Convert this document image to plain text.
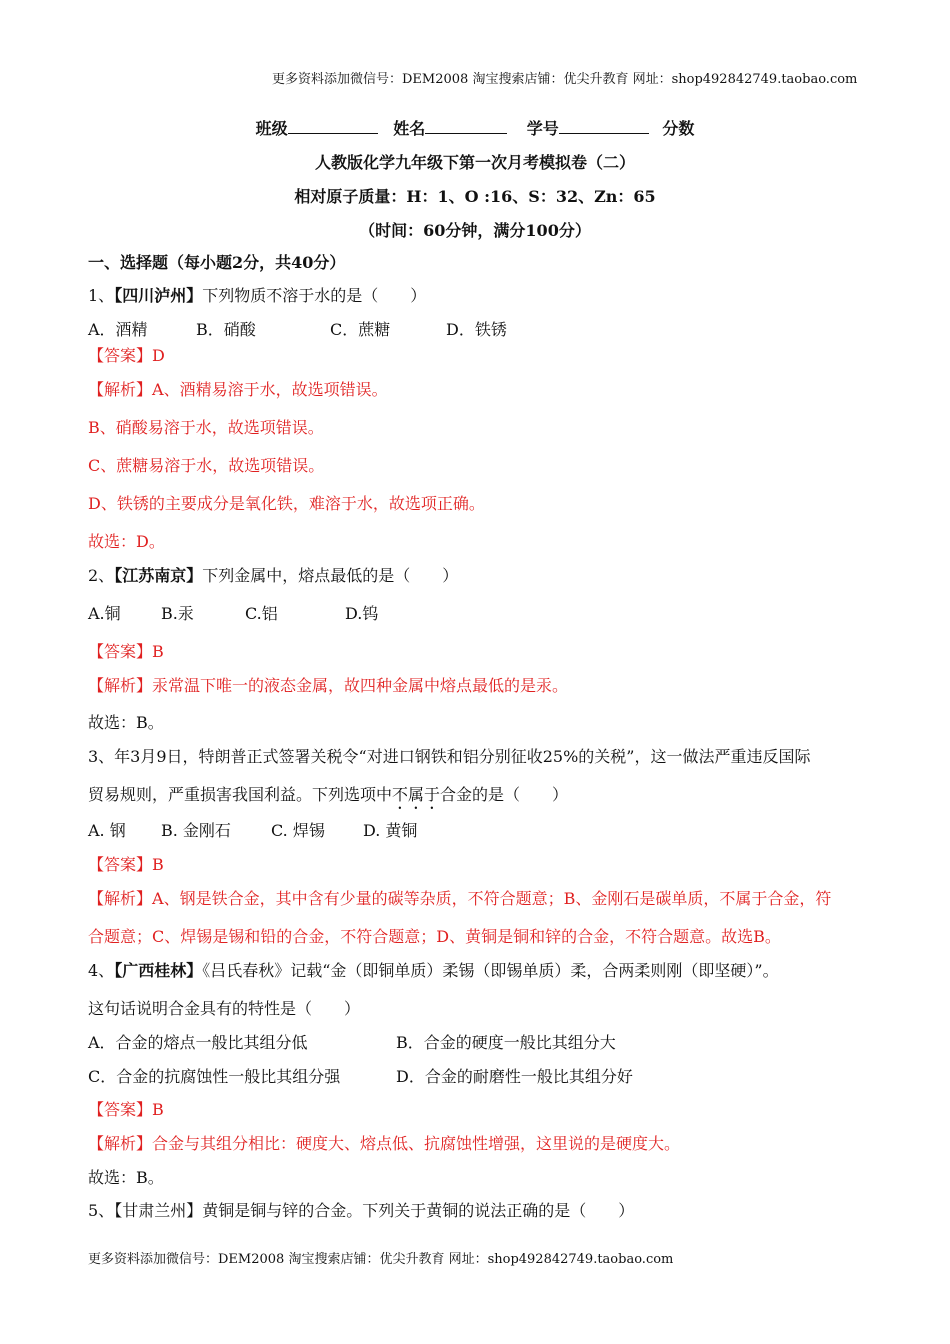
更多资料添加微信号：DEM2008 淘宝搜索店铺：优尖升教育 网址：shop492842749.taobao.com
班级	姓名	学号	分数
人教版化学九年级下第一次月考模拟卷（二）
相对原子质量：H：1、O :16、S：32、Zn：65
（时间：60分钟，满分100分）
一、选择题（每小题2分，共40分）
1、【四川泸州】下列物质不溶于水的是（　　）
A．酒精	B．硝酸	C．蔗糖	D．铁锈
【答案】D
【解析】A、酒精易溶于水，故选项错误。
B、硝酸易溶于水，故选项错误。
C、蔗糖易溶于水，故选项错误。
D、铁锈的主要成分是氧化铁，难溶于水，故选项正确。
故选：D。
2、【江苏南京】下列金属中，熔点最低的是（　　）
A.铜	B.汞	C.铝	D.钨
【答案】B
【解析】汞常温下唯一的液态金属，故四种金属中熔点最低的是汞。
故选：B。
3、年3月9日，特朗普正式签署关税令“对进口钢铁和铝分别征收25%的关税”，这一做法严重违反国际
贸易规则，严重损害我国利益。下列选项中不属于合金的是（　　）
A. 钢 B. 金刚石	C. 焊锡 D. 黄铜
【答案】B
【解析】A、钢是铁合金，其中含有少量的碳等杂质，不符合题意；B、金刚石是碳单质，不属于合金，符
合题意；C、焊锡是锡和铅的合金，不符合题意；D、黄铜是铜和锌的合金，不符合题意。故选B。
4、【广西桂林】《吕氏春秋》记载“金（即铜单质）柔锡（即锡单质）柔，合两柔则刚（即坚硬）”。
这句话说明合金具有的特性是（　　）
A．合金的熔点一般比其组分低	B．合金的硬度一般比其组分大
C．合金的抗腐蚀性一般比其组分强	D．合金的耐磨性一般比其组分好
【答案】B
【解析】合金与其组分相比：硬度大、熔点低、抗腐蚀性增强，这里说的是硬度大。
故选：B。
5、【甘肃兰州】黄铜是铜与锌的合金。下列关于黄铜的说法正确的是（　　）
更多资料添加微信号：DEM2008 淘宝搜索店铺：优尖升教育 网址：shop492842749.taobao.com
